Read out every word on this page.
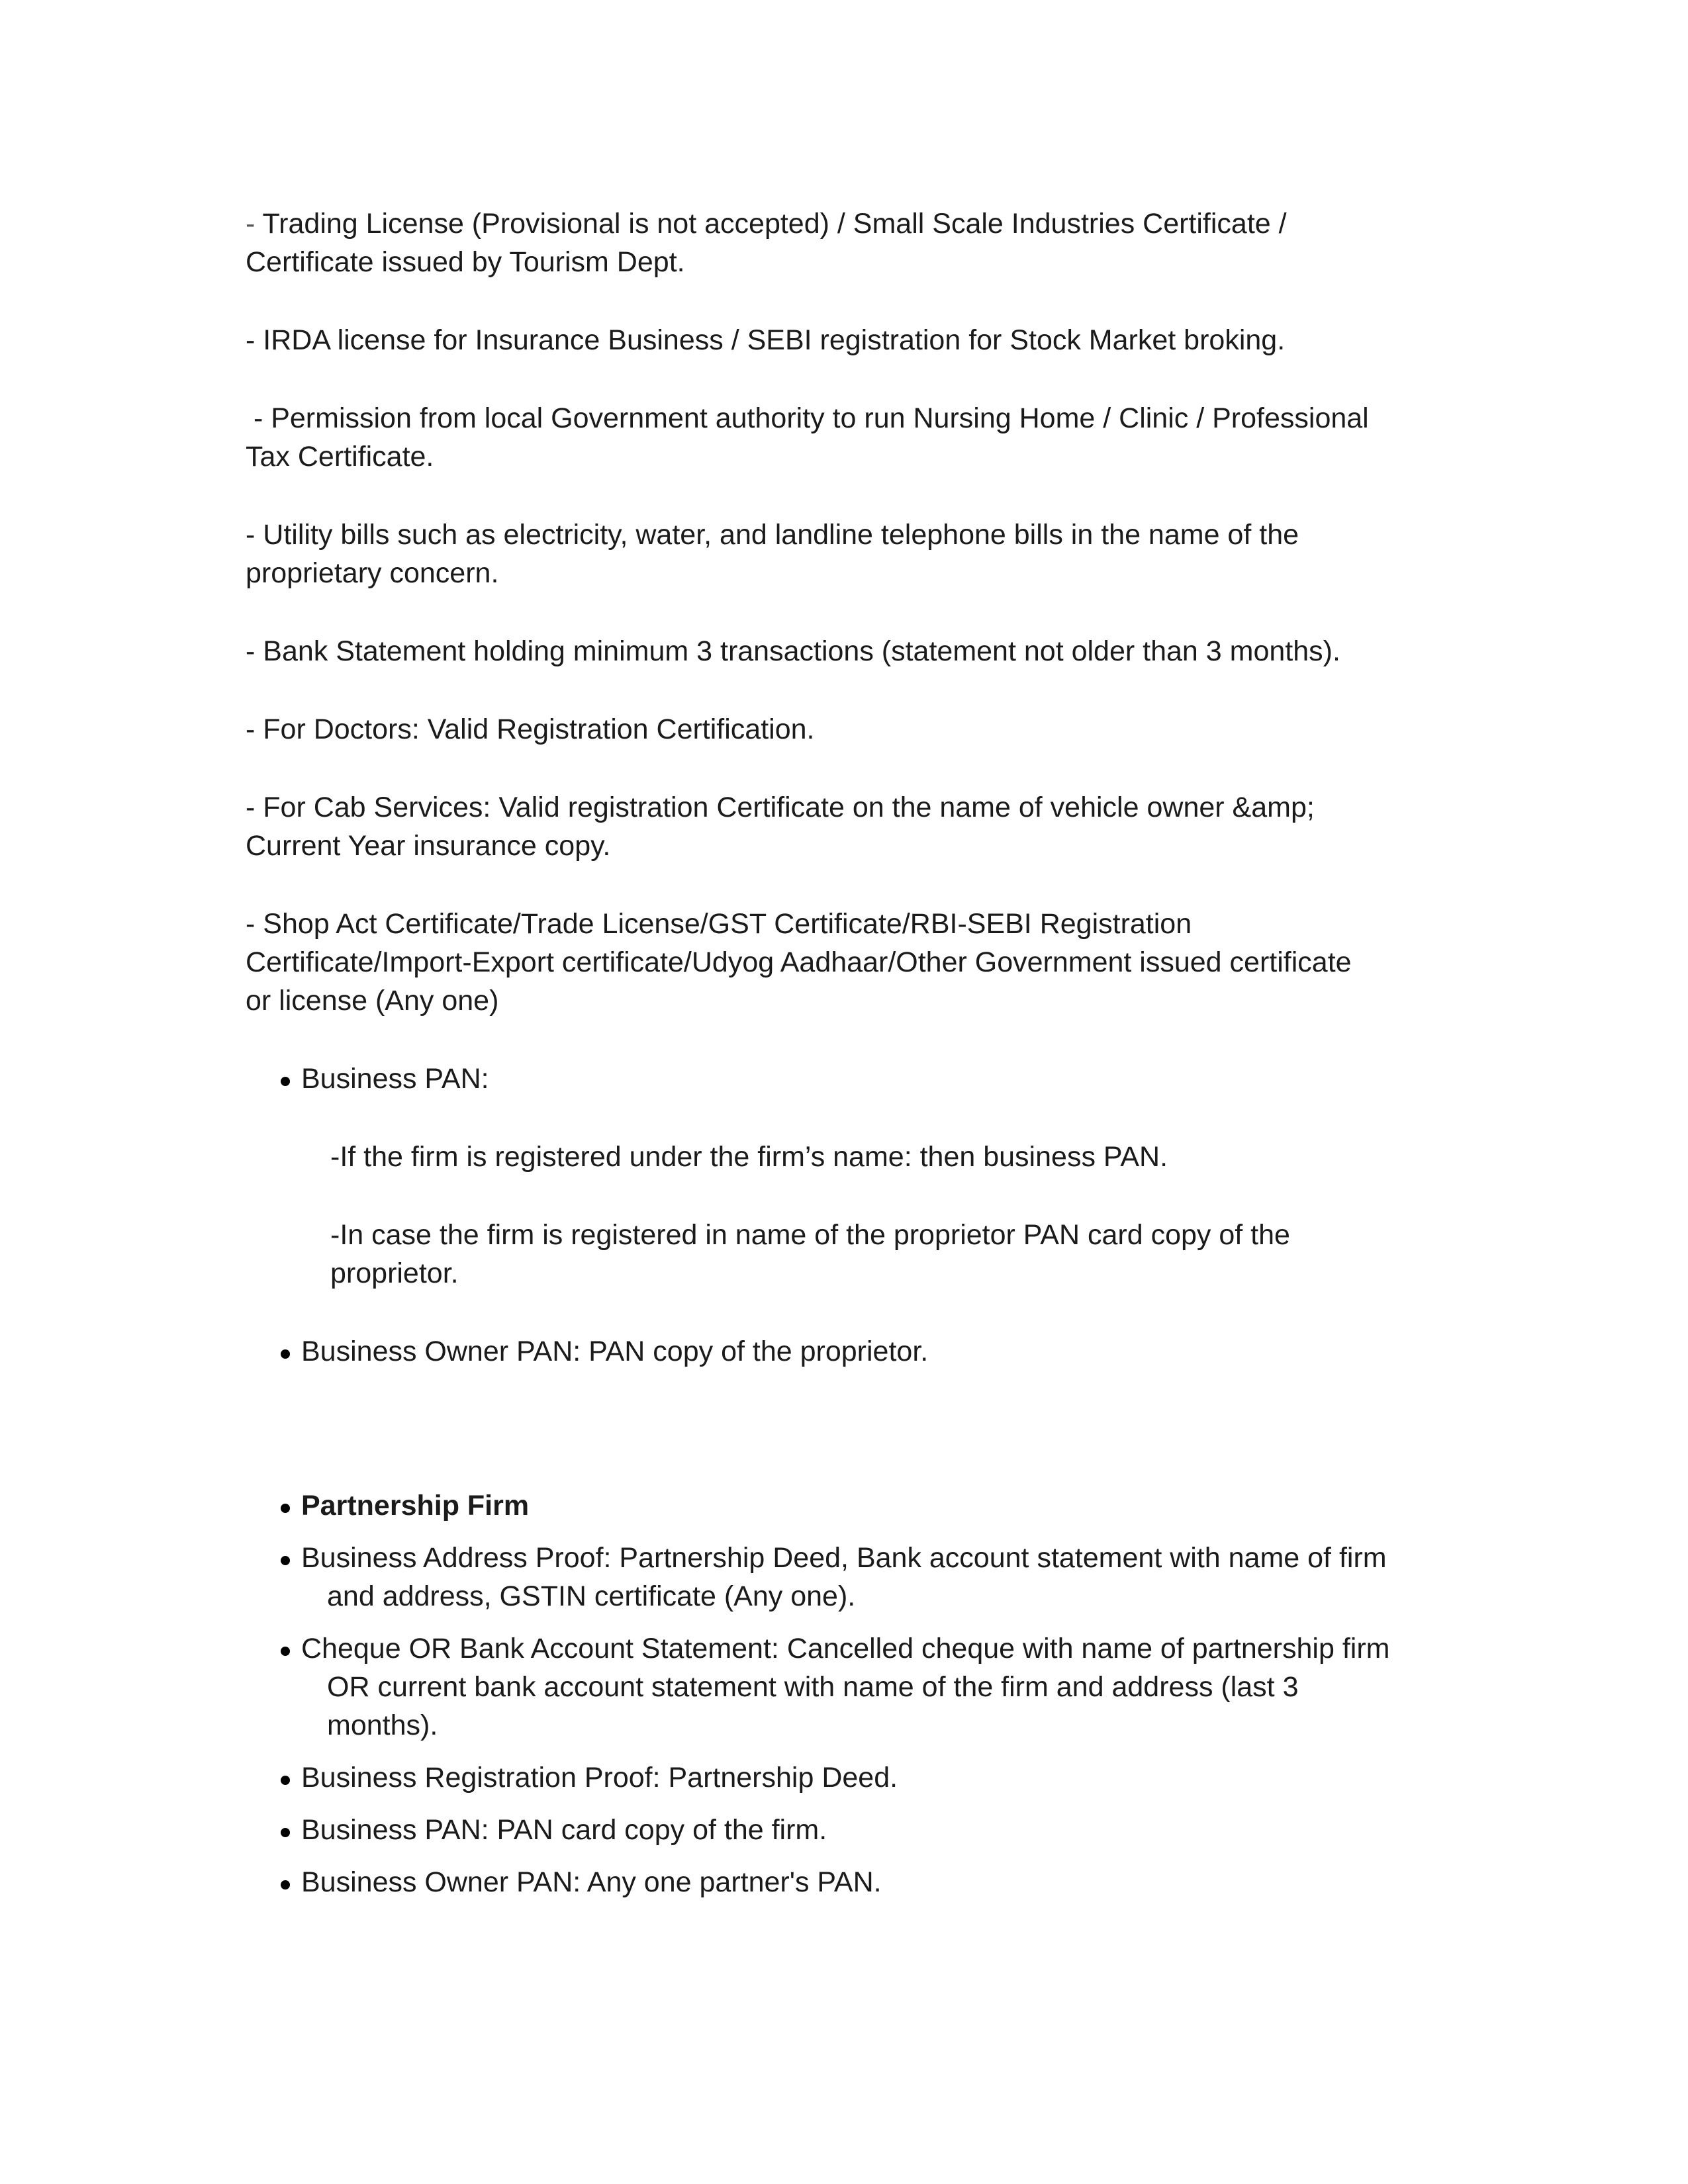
- Trading License (Provisional is not accepted) / Small Scale Industries Certificate /
Certificate issued by Tourism Dept.
- IRDA license for Insurance Business / SEBI registration for Stock Market broking.
- Permission from local Government authority to run Nursing Home / Clinic / Professional
Tax Certificate.
- Utility bills such as electricity, water, and landline telephone bills in the name of the
proprietary concern.
- Bank Statement holding minimum 3 transactions (statement not older than 3 months).
- For Doctors: Valid Registration Certification.
- For Cab Services: Valid registration Certificate on the name of vehicle owner &amp;
Current Year insurance copy.
- Shop Act Certificate/Trade License/GST Certificate/RBI-SEBI Registration
Certificate/Import-Export certificate/Udyog Aadhaar/Other Government issued certificate
or license (Any one)
Business PAN:
-If the firm is registered under the firm’s name: then business PAN.
-In case the firm is registered in name of the proprietor PAN card copy of the
proprietor.
Business Owner PAN: PAN copy of the proprietor.
Partnership Firm
Business Address Proof: Partnership Deed, Bank account statement with name of firm
and address, GSTIN certificate (Any one).
Cheque OR Bank Account Statement: Cancelled cheque with name of partnership firm
OR current bank account statement with name of the firm and address (last 3
months).
Business Registration Proof: Partnership Deed.
Business PAN: PAN card copy of the firm.
Business Owner PAN: Any one partner's PAN.
